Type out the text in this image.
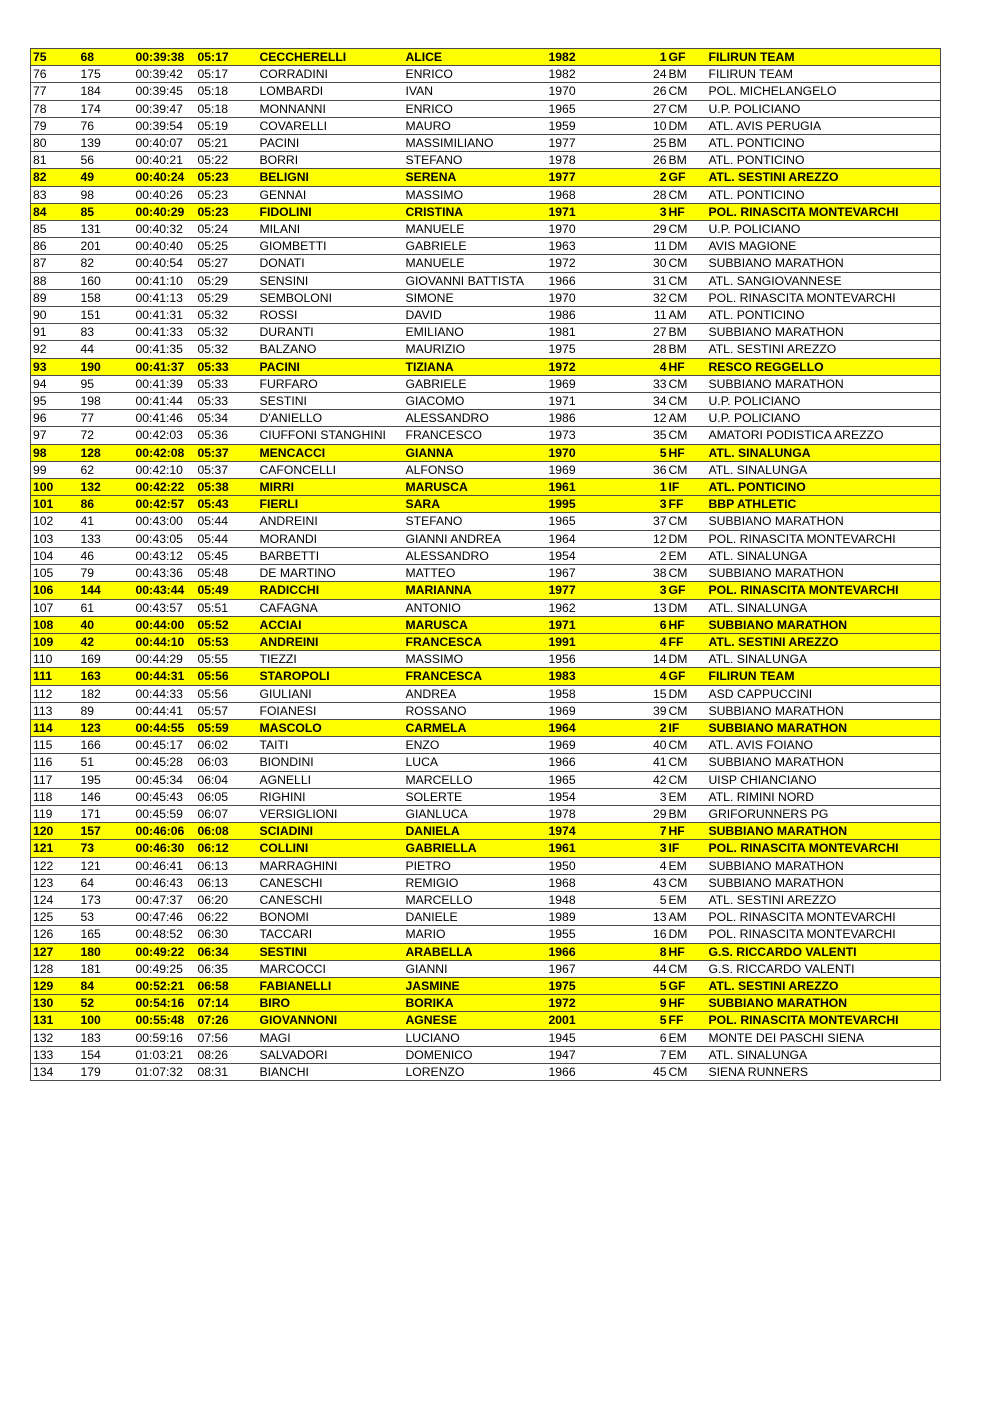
75	68	00:39:38	05:17	CECCHERELLI	ALICE	1982	1	GF	FILIRUN TEAM
76	175	00:39:42	05:17	CORRADINI	ENRICO	1982	24	BM	FILIRUN TEAM
77	184	00:39:45	05:18	LOMBARDI	IVAN	1970	26	CM	POL. MICHELANGELO
78	174	00:39:47	05:18	MONNANNI	ENRICO	1965	27	CM	U.P. POLICIANO
79	76	00:39:54	05:19	COVARELLI	MAURO	1959	10	DM	ATL. AVIS PERUGIA
80	139	00:40:07	05:21	PACINI	MASSIMILIANO	1977	25	BM	ATL. PONTICINO
81	56	00:40:21	05:22	BORRI	STEFANO	1978	26	BM	ATL. PONTICINO
82	49	00:40:24	05:23	BELIGNI	SERENA	1977	2	GF	ATL. SESTINI AREZZO
83	98	00:40:26	05:23	GENNAI	MASSIMO	1968	28	CM	ATL. PONTICINO
84	85	00:40:29	05:23	FIDOLINI	CRISTINA	1971	3	HF	POL. RINASCITA MONTEVARCHI
85	131	00:40:32	05:24	MILANI	MANUELE	1970	29	CM	U.P. POLICIANO
86	201	00:40:40	05:25	GIOMBETTI	GABRIELE	1963	11	DM	AVIS MAGIONE
87	82	00:40:54	05:27	DONATI	MANUELE	1972	30	CM	SUBBIANO MARATHON
88	160	00:41:10	05:29	SENSINI	GIOVANNI BATTISTA	1966	31	CM	ATL. SANGIOVANNESE
89	158	00:41:13	05:29	SEMBOLONI	SIMONE	1970	32	CM	POL. RINASCITA MONTEVARCHI
90	151	00:41:31	05:32	ROSSI	DAVID	1986	11	AM	ATL. PONTICINO
91	83	00:41:33	05:32	DURANTI	EMILIANO	1981	27	BM	SUBBIANO MARATHON
92	44	00:41:35	05:32	BALZANO	MAURIZIO	1975	28	BM	ATL. SESTINI AREZZO
93	190	00:41:37	05:33	PACINI	TIZIANA	1972	4	HF	RESCO REGGELLO
94	95	00:41:39	05:33	FURFARO	GABRIELE	1969	33	CM	SUBBIANO MARATHON
95	198	00:41:44	05:33	SESTINI	GIACOMO	1971	34	CM	U.P. POLICIANO
96	77	00:41:46	05:34	D'ANIELLO	ALESSANDRO	1986	12	AM	U.P. POLICIANO
97	72	00:42:03	05:36	CIUFFONI STANGHINI	FRANCESCO	1973	35	CM	AMATORI PODISTICA AREZZO
98	128	00:42:08	05:37	MENCACCI	GIANNA	1970	5	HF	ATL. SINALUNGA
99	62	00:42:10	05:37	CAFONCELLI	ALFONSO	1969	36	CM	ATL. SINALUNGA
100	132	00:42:22	05:38	MIRRI	MARUSCA	1961	1	IF	ATL. PONTICINO
101	86	00:42:57	05:43	FIERLI	SARA	1995	3	FF	BBP ATHLETIC
102	41	00:43:00	05:44	ANDREINI	STEFANO	1965	37	CM	SUBBIANO MARATHON
103	133	00:43:05	05:44	MORANDI	GIANNI ANDREA	1964	12	DM	POL. RINASCITA MONTEVARCHI
104	46	00:43:12	05:45	BARBETTI	ALESSANDRO	1954	2	EM	ATL. SINALUNGA
105	79	00:43:36	05:48	DE MARTINO	MATTEO	1967	38	CM	SUBBIANO MARATHON
106	144	00:43:44	05:49	RADICCHI	MARIANNA	1977	3	GF	POL. RINASCITA MONTEVARCHI
107	61	00:43:57	05:51	CAFAGNA	ANTONIO	1962	13	DM	ATL. SINALUNGA
108	40	00:44:00	05:52	ACCIAI	MARUSCA	1971	6	HF	SUBBIANO MARATHON
109	42	00:44:10	05:53	ANDREINI	FRANCESCA	1991	4	FF	ATL. SESTINI AREZZO
110	169	00:44:29	05:55	TIEZZI	MASSIMO	1956	14	DM	ATL. SINALUNGA
111	163	00:44:31	05:56	STAROPOLI	FRANCESCA	1983	4	GF	FILIRUN TEAM
112	182	00:44:33	05:56	GIULIANI	ANDREA	1958	15	DM	ASD CAPPUCCINI
113	89	00:44:41	05:57	FOIANESI	ROSSANO	1969	39	CM	SUBBIANO MARATHON
114	123	00:44:55	05:59	MASCOLO	CARMELA	1964	2	IF	SUBBIANO MARATHON
115	166	00:45:17	06:02	TAITI	ENZO	1969	40	CM	ATL. AVIS FOIANO
116	51	00:45:28	06:03	BIONDINI	LUCA	1966	41	CM	SUBBIANO MARATHON
117	195	00:45:34	06:04	AGNELLI	MARCELLO	1965	42	CM	UISP CHIANCIANO
118	146	00:45:43	06:05	RIGHINI	SOLERTE	1954	3	EM	ATL. RIMINI NORD
119	171	00:45:59	06:07	VERSIGLIONI	GIANLUCA	1978	29	BM	GRIFORUNNERS PG
120	157	00:46:06	06:08	SCIADINI	DANIELA	1974	7	HF	SUBBIANO MARATHON
121	73	00:46:30	06:12	COLLINI	GABRIELLA	1961	3	IF	POL. RINASCITA MONTEVARCHI
122	121	00:46:41	06:13	MARRAGHINI	PIETRO	1950	4	EM	SUBBIANO MARATHON
123	64	00:46:43	06:13	CANESCHI	REMIGIO	1968	43	CM	SUBBIANO MARATHON
124	173	00:47:37	06:20	CANESCHI	MARCELLO	1948	5	EM	ATL. SESTINI AREZZO
125	53	00:47:46	06:22	BONOMI	DANIELE	1989	13	AM	POL. RINASCITA MONTEVARCHI
126	165	00:48:52	06:30	TACCARI	MARIO	1955	16	DM	POL. RINASCITA MONTEVARCHI
127	180	00:49:22	06:34	SESTINI	ARABELLA	1966	8	HF	G.S. RICCARDO VALENTI
128	181	00:49:25	06:35	MARCOCCI	GIANNI	1967	44	CM	G.S. RICCARDO VALENTI
129	84	00:52:21	06:58	FABIANELLI	JASMINE	1975	5	GF	ATL. SESTINI AREZZO
130	52	00:54:16	07:14	BIRO	BORIKA	1972	9	HF	SUBBIANO MARATHON
131	100	00:55:48	07:26	GIOVANNONI	AGNESE	2001	5	FF	POL. RINASCITA MONTEVARCHI
132	183	00:59:16	07:56	MAGI	LUCIANO	1945	6	EM	MONTE DEI PASCHI SIENA
133	154	01:03:21	08:26	SALVADORI	DOMENICO	1947	7	EM	ATL. SINALUNGA
134	179	01:07:32	08:31	BIANCHI	LORENZO	1966	45	CM	SIENA RUNNERS
